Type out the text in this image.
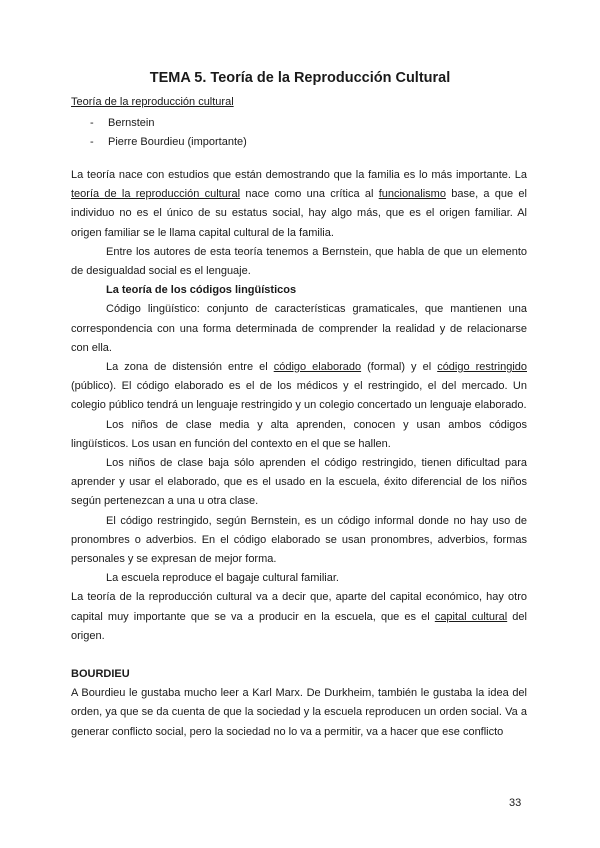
TEMA 5. Teoría de la Reproducción Cultural
Teoría de la reproducción cultural
- Bernstein
- Pierre Bourdieu (importante)

La teoría nace con estudios que están demostrando que la familia es lo más importante. La teoría de la reproducción cultural nace como una crítica al funcionalismo base, a que el individuo no es el único de su estatus social, hay algo más, que es el origen familiar. Al origen familiar se le llama capital cultural de la familia.

Entre los autores de esta teoría tenemos a Bernstein, que habla de que un elemento de desigualdad social es el lenguaje.

La teoría de los códigos lingüísticos

Código lingüístico: conjunto de características gramaticales, que mantienen una correspondencia con una forma determinada de comprender la realidad y de relacionarse con ella.

La zona de distensión entre el código elaborado (formal) y el código restringido (público). El código elaborado es el de los médicos y el restringido, el del mercado. Un colegio público tendrá un lenguaje restringido y un colegio concertado un lenguaje elaborado.

Los niños de clase media y alta aprenden, conocen y usan ambos códigos lingüísticos. Los usan en función del contexto en el que se hallen.

Los niños de clase baja sólo aprenden el código restringido, tienen dificultad para aprender y usar el elaborado, que es el usado en la escuela, éxito diferencial de los niños según pertenezcan a una u otra clase.

El código restringido, según Bernstein, es un código informal donde no hay uso de pronombres o adverbios. En el código elaborado se usan pronombres, adverbios, formas personales y se expresan de mejor forma.

La escuela reproduce el bagaje cultural familiar.

La teoría de la reproducción cultural va a decir que, aparte del capital económico, hay otro capital muy importante que se va a producir en la escuela, que es el capital cultural del origen.

BOURDIEU

A Bourdieu le gustaba mucho leer a Karl Marx. De Durkheim, también le gustaba la idea del orden, ya que se da cuenta de que la sociedad y la escuela reproducen un orden social. Va a generar conflicto social, pero la sociedad no lo va a permitir, va a hacer que ese conflicto

33
